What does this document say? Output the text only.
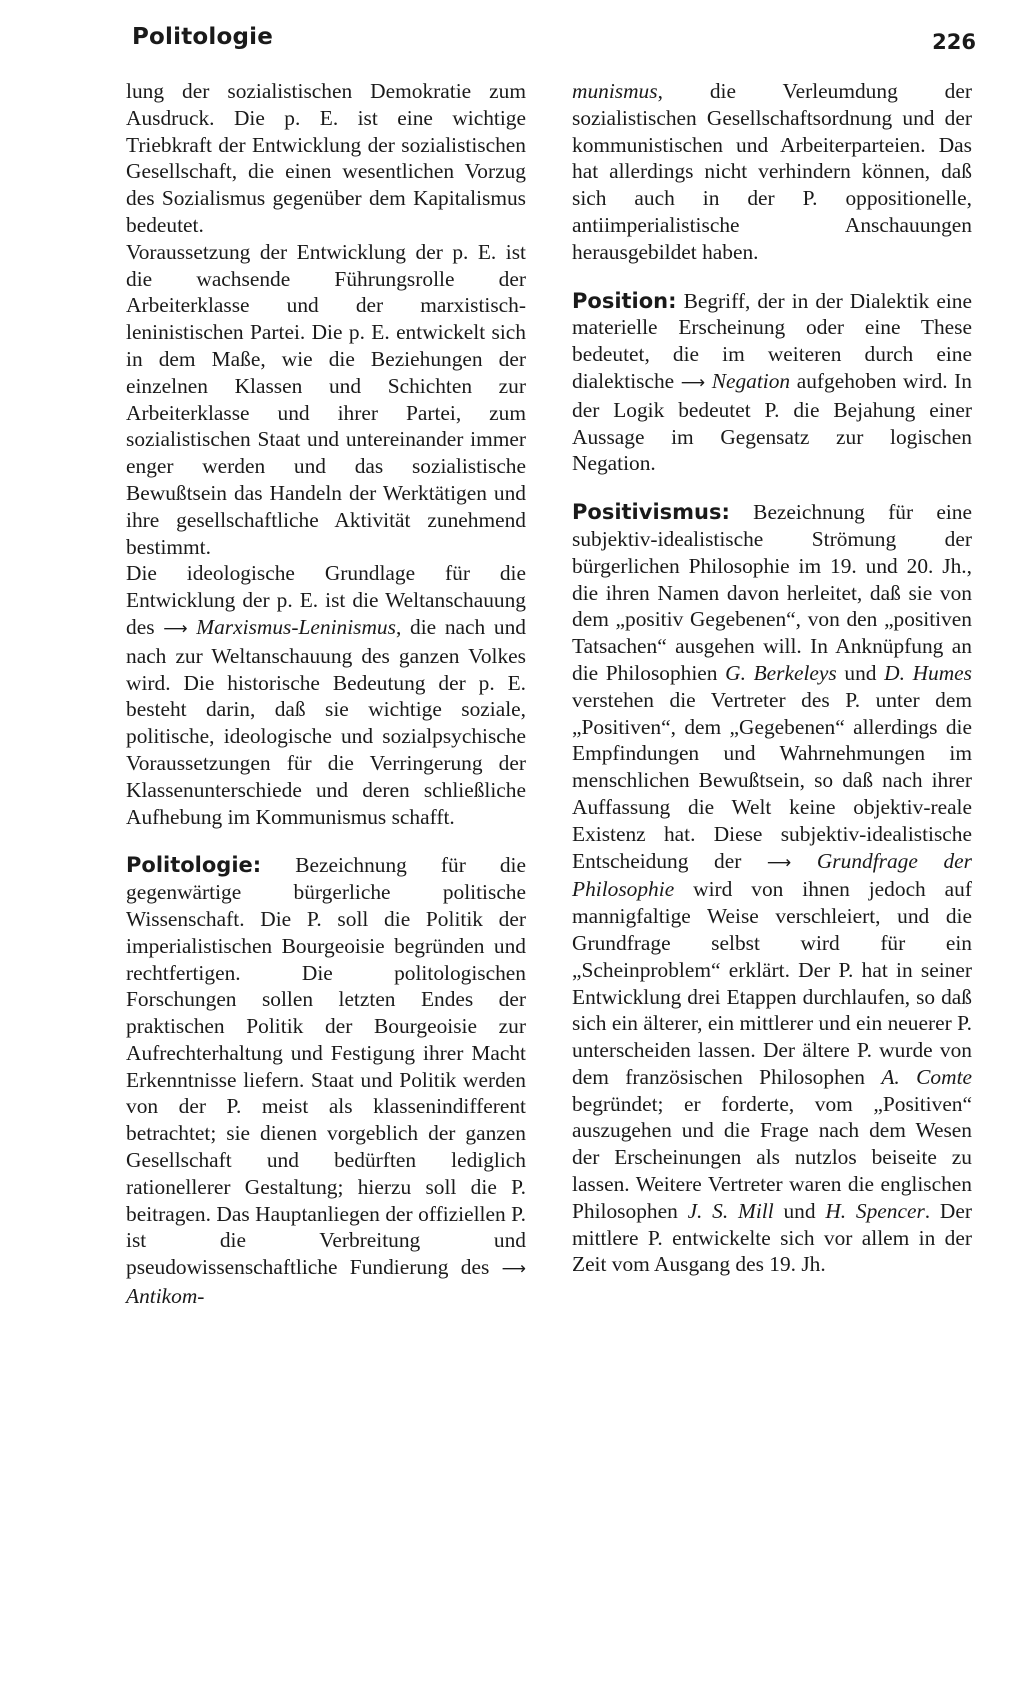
Politologie	226

lung der sozialistischen Demokratie zum Ausdruck. Die p. E. ist eine wichtige Triebkraft der Entwicklung der sozialistischen Gesellschaft, die einen wesentlichen Vorzug des Sozialismus gegenüber dem Kapitalismus bedeutet.

Voraussetzung der Entwicklung der p. E. ist die wachsende Führungsrolle der Arbeiterklasse und der marxistisch-leninistischen Partei. Die p. E. entwickelt sich in dem Maße, wie die Beziehungen der einzelnen Klassen und Schichten zur Arbeiterklasse und ihrer Partei, zum sozialistischen Staat und untereinander immer enger werden und das sozialistische Bewußtsein das Handeln der Werktätigen und ihre gesellschaftliche Aktivität zunehmend bestimmt.

Die ideologische Grundlage für die Entwicklung der p. E. ist die Weltanschauung des ⟶ Marxismus-Leninismus, die nach und nach zur Weltanschauung des ganzen Volkes wird. Die historische Bedeutung der p. E. besteht darin, daß sie wichtige soziale, politische, ideologische und sozialpsychische Voraussetzungen für die Verringerung der Klassenunterschiede und deren schließliche Aufhebung im Kommunismus schafft.

Politologie: Bezeichnung für die gegenwärtige bürgerliche politische Wissenschaft. Die P. soll die Politik der imperialistischen Bourgeoisie begründen und rechtfertigen. Die politologischen Forschungen sollen letzten Endes der praktischen Politik der Bourgeoisie zur Aufrechterhaltung und Festigung ihrer Macht Erkenntnisse liefern. Staat und Politik werden von der P. meist als klassenindifferent betrachtet; sie dienen vorgeblich der ganzen Gesellschaft und bedürften lediglich rationellerer Gestaltung; hierzu soll die P. beitragen. Das Hauptanliegen der offiziellen P. ist die Verbreitung und pseudowissenschaftliche Fundierung des ⟶ Antikom-

munismus, die Verleumdung der sozialistischen Gesellschaftsordnung und der kommunistischen und Arbeiterparteien. Das hat allerdings nicht verhindern können, daß sich auch in der P. oppositionelle, antiimperialistische Anschauungen herausgebildet haben.

Position: Begriff, der in der Dialektik eine materielle Erscheinung oder eine These bedeutet, die im weiteren durch eine dialektische ⟶ Negation aufgehoben wird. In der Logik bedeutet P. die Bejahung einer Aussage im Gegensatz zur logischen Negation.

Positivismus: Bezeichnung für eine subjektiv-idealistische Strömung der bürgerlichen Philosophie im 19. und 20. Jh., die ihren Namen davon herleitet, daß sie von dem „positiv Gegebenen“, von den „positiven Tatsachen“ ausgehen will. In Anknüpfung an die Philosophien G. Berkeleys und D. Humes verstehen die Vertreter des P. unter dem „Positiven“, dem „Gegebenen“ allerdings die Empfindungen und Wahrnehmungen im menschlichen Bewußtsein, so daß nach ihrer Auffassung die Welt keine objektiv-reale Existenz hat. Diese subjektiv-idealistische Entscheidung der ⟶ Grundfrage der Philosophie wird von ihnen jedoch auf mannigfaltige Weise verschleiert, und die Grundfrage selbst wird für ein „Scheinproblem“ erklärt. Der P. hat in seiner Entwicklung drei Etappen durchlaufen, so daß sich ein älterer, ein mittlerer und ein neuerer P. unterscheiden lassen. Der ältere P. wurde von dem französischen Philosophen A. Comte begründet; er forderte, vom „Positiven“ auszugehen und die Frage nach dem Wesen der Erscheinungen als nutzlos beiseite zu lassen. Weitere Vertreter waren die englischen Philosophen J. S. Mill und H. Spencer. Der mittlere P. entwickelte sich vor allem in der Zeit vom Ausgang des 19. Jh.
